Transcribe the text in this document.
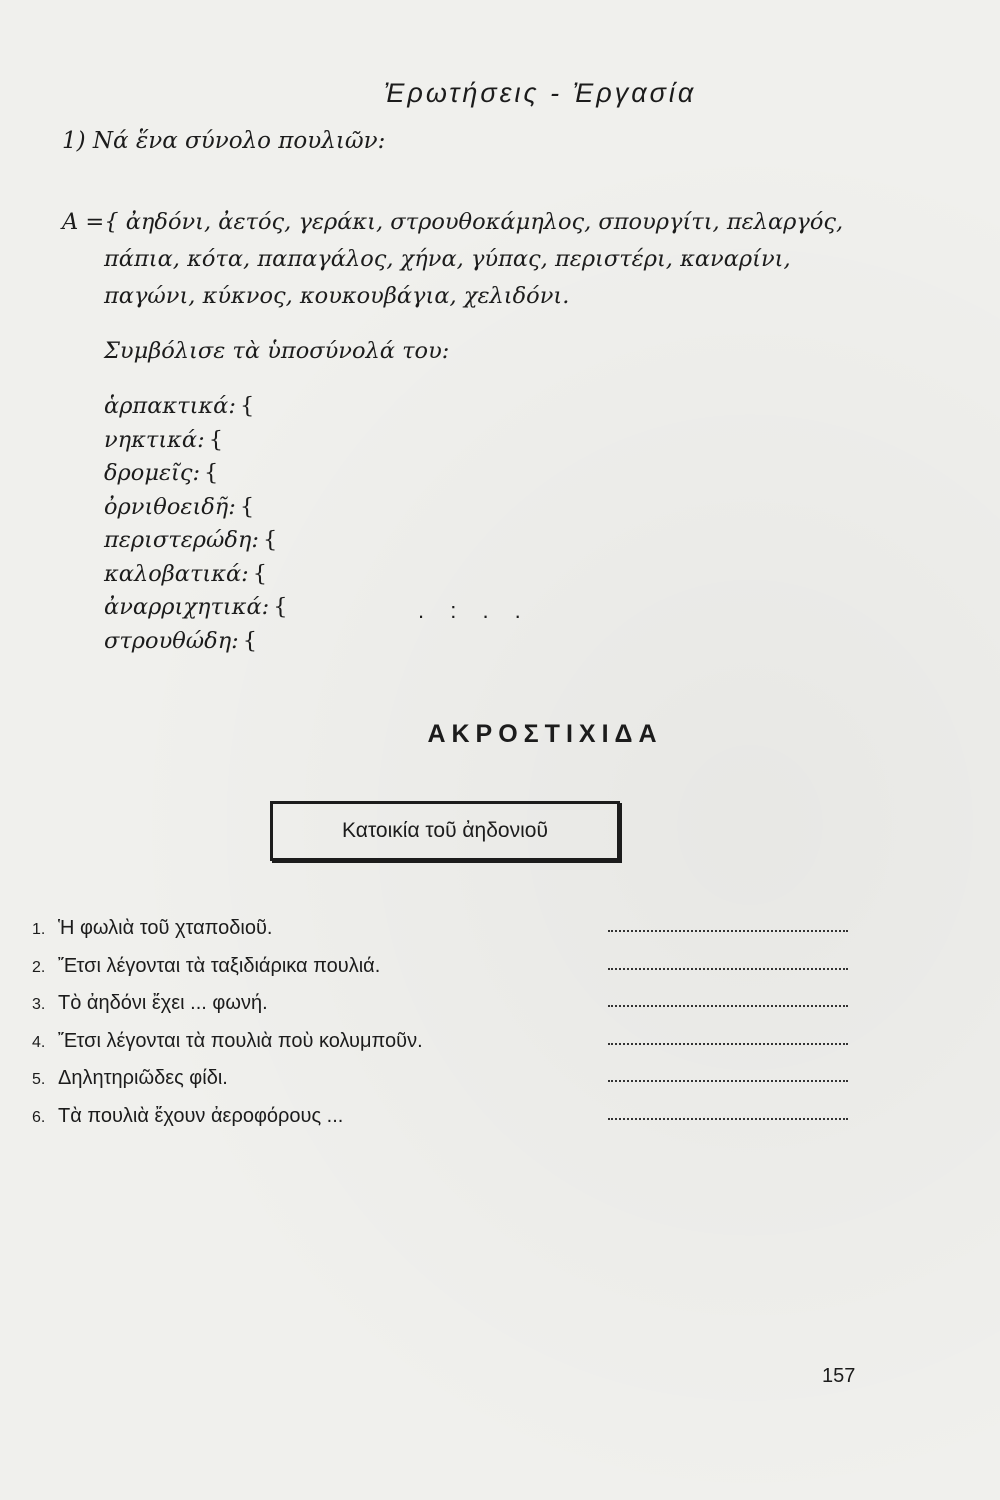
Ἐρωτήσεις - Ἐργασία
1) Νά ἕνα σύνολο πουλιῶν:
Α ={ ἀηδόνι, ἀετός, γεράκι, στρουθοκάμηλος, σπουργίτι, πελαργός,
πάπια, κότα, παπαγάλος, χήνα, γύπας, περιστέρι, καναρίνι,
παγώνι, κύκνος, κουκουβάγια, χελιδόνι.
Συμβόλισε τὰ ὑποσύνολά του:
ἁρπακτικά: {
νηκτικά: {
δρομεῖς: {
ὀρνιθοειδῆ: {
περιστερώδη: {
καλοβατικά: {
ἀναρριχητικά: {
στρουθώδη: {
. : . .
ΑΚΡΟΣΤΙΧΙΔΑ
Κατοικία τοῦ ἀηδονιοῦ
1. Ἡ φωλιὰ τοῦ χταποδιοῦ.
2. Ἔτσι λέγονται τὰ ταξιδιάρικα πουλιά.
3. Τὸ ἀηδόνι ἔχει ... φωνή.
4. Ἔτσι λέγονται τὰ πουλιὰ ποὺ κολυμποῦν.
5. Δηλητηριῶδες φίδι.
6. Τὰ πουλιὰ ἔχουν ἀεροφόρους ...
157
